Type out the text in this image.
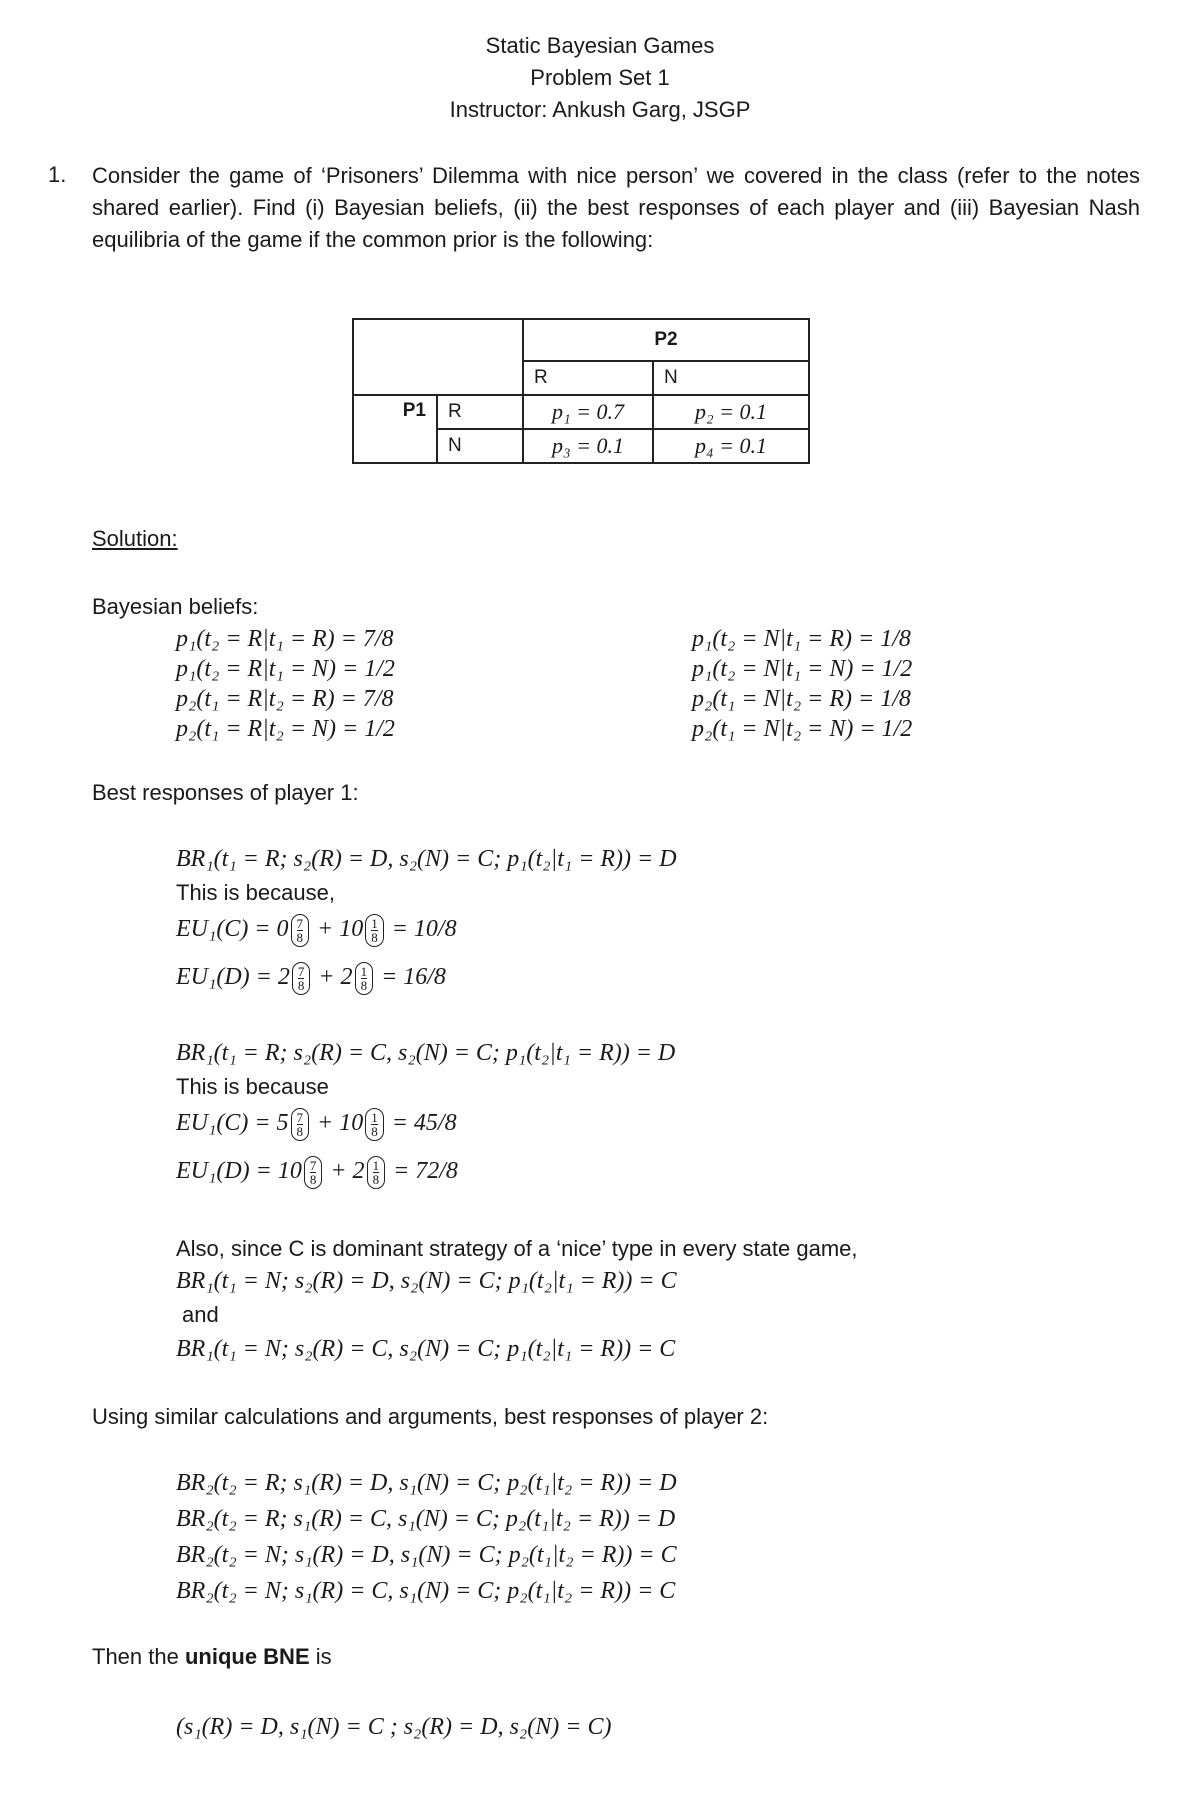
Static Bayesian Games
Problem Set 1
Instructor: Ankush Garg, JSGP
1. Consider the game of ‘Prisoners’ Dilemma with nice person’ we covered in the class (refer to the notes shared earlier). Find (i) Bayesian beliefs, (ii) the best responses of each player and (iii) Bayesian Nash equilibria of the game if the common prior is the following:
		P2	
		R	N
P1	R	p₁ = 0.7	p₂ = 0.1
	N	p₃ = 0.1	p₄ = 0.1
Solution:
Bayesian beliefs:
p₁(t₂ = R|t₁ = R) = 7/8
p₁(t₂ = R|t₁ = N) = 1/2
p₂(t₁ = R|t₂ = R) = 7/8
p₂(t₁ = R|t₂ = N) = 1/2
p₁(t₂ = N|t₁ = R) = 1/8
p₁(t₂ = N|t₁ = N) = 1/2
p₂(t₁ = N|t₂ = R) = 1/8
p₂(t₁ = N|t₂ = N) = 1/2
Best responses of player 1:
BR₁(t₁ = R; s₂(R) = D, s₂(N) = C; p₁(t₂|t₁ = R)) = D
This is because,
$EU_1(C) = 0 \frac{7}{8} + 10 \frac{1}{8} = 10/8$
$EU_1(D) = 2 \frac{7}{8} + 2 \frac{1}{8} = 16/8$
BR₁(t₁ = R; s₂(R) = C, s₂(N) = C; p₁(t₂|t₁ = R)) = D
This is because
$EU_1(C) = 5 \frac{7}{8} + 10 \frac{1}{8} = 45/8$
$EU_1(D) = 10 \frac{7}{8} + 2 \frac{1}{8} = 72/8$
Also, since C is dominant strategy of a ‘nice’ type in every state game,
BR₁(t₁ = N; s₂(R) = D, s₂(N) = C; p₁(t₂|t₁ = R)) = C
and
BR₁(t₁ = N; s₂(R) = C, s₂(N) = C; p₁(t₂|t₁ = R)) = C
Using similar calculations and arguments, best responses of player 2:
BR₂(t₂ = R; s₁(R) = D, s₁(N) = C; p₂(t₁|t₂ = R)) = D
BR₂(t₂ = R; s₁(R) = C, s₁(N) = C; p₂(t₁|t₂ = R)) = D
BR₂(t₂ = N; s₁(R) = D, s₁(N) = C; p₂(t₁|t₂ = R)) = C
BR₂(t₂ = N; s₁(R) = C, s₁(N) = C; p₂(t₁|t₂ = R)) = C
Then the unique BNE is
(s₁(R) = D, s₁(N) = C ; s₂(R) = D, s₂(N) = C)
